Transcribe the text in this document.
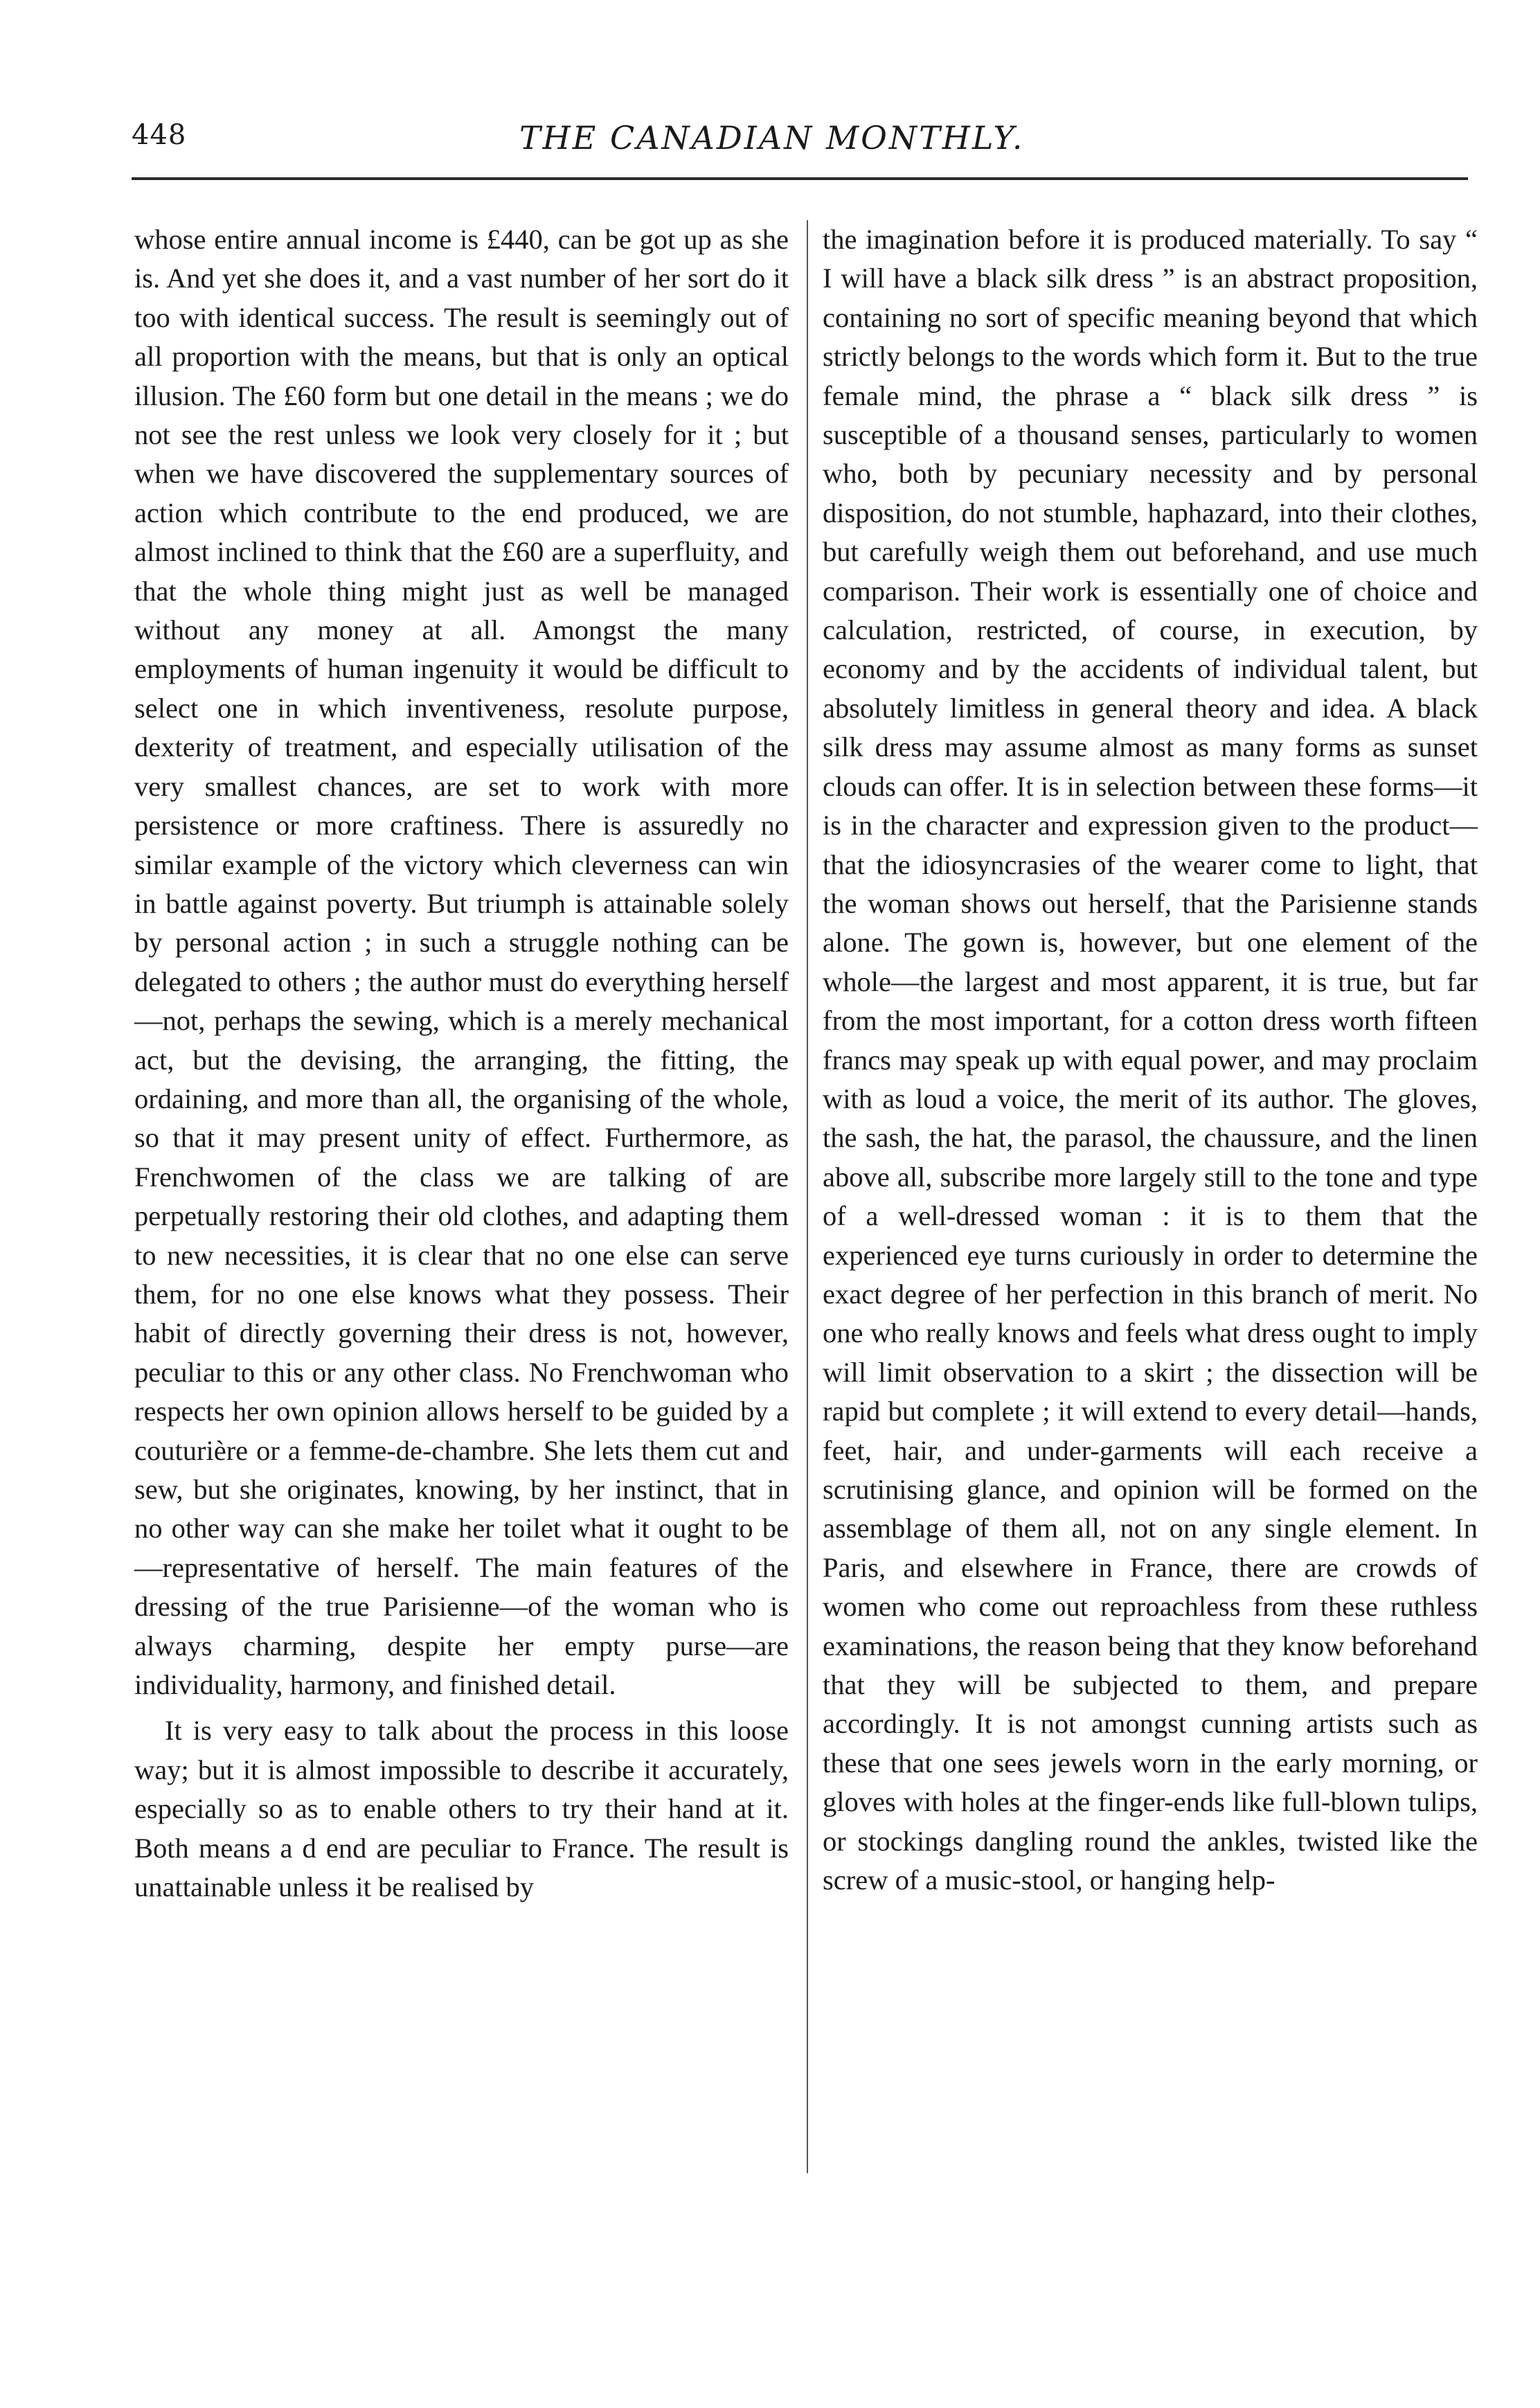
448	THE CANADIAN MONTHLY.

whose entire annual income is £440, can be got up as she is. And yet she does it, and a vast number of her sort do it too with identical success. The result is seemingly out of all proportion with the means, but that is only an optical illusion. The £60 form but one detail in the means ; we do not see the rest unless we look very closely for it ; but when we have discovered the supplementary sources of action which contribute to the end produced, we are almost inclined to think that the £60 are a superfluity, and that the whole thing might just as well be managed without any money at all. Amongst the many employments of human ingenuity it would be difficult to select one in which inventiveness, resolute purpose, dexterity of treatment, and especially utilisation of the very smallest chances, are set to work with more persistence or more craftiness. There is assuredly no similar example of the victory which cleverness can win in battle against poverty. But triumph is attainable solely by personal action ; in such a struggle nothing can be delegated to others ; the author must do everything herself—not, perhaps the sewing, which is a merely mechanical act, but the devising, the arranging, the fitting, the ordaining, and more than all, the organising of the whole, so that it may present unity of effect. Furthermore, as Frenchwomen of the class we are talking of are perpetually restoring their old clothes, and adapting them to new necessities, it is clear that no one else can serve them, for no one else knows what they possess. Their habit of directly governing their dress is not, however, peculiar to this or any other class. No Frenchwoman who respects her own opinion allows herself to be guided by a couturière or a femme-de-chambre. She lets them cut and sew, but she originates, knowing, by her instinct, that in no other way can she make her toilet what it ought to be—representative of herself. The main features of the dressing of the true Parisienne—of the woman who is always charming, despite her empty purse—are individuality, harmony, and finished detail.

It is very easy to talk about the process in this loose way; but it is almost impossible to describe it accurately, especially so as to enable others to try their hand at it. Both means a d end are peculiar to France. The result is unattainable unless it be realised by

the imagination before it is produced materially. To say “ I will have a black silk dress ” is an abstract proposition, containing no sort of specific meaning beyond that which strictly belongs to the words which form it. But to the true female mind, the phrase a “ black silk dress ” is susceptible of a thousand senses, particularly to women who, both by pecuniary necessity and by personal disposition, do not stumble, haphazard, into their clothes, but carefully weigh them out beforehand, and use much comparison. Their work is essentially one of choice and calculation, restricted, of course, in execution, by economy and by the accidents of individual talent, but absolutely limitless in general theory and idea. A black silk dress may assume almost as many forms as sunset clouds can offer. It is in selection between these forms—it is in the character and expression given to the product—that the idiosyncrasies of the wearer come to light, that the woman shows out herself, that the Parisienne stands alone. The gown is, however, but one element of the whole—the largest and most apparent, it is true, but far from the most important, for a cotton dress worth fifteen francs may speak up with equal power, and may proclaim with as loud a voice, the merit of its author. The gloves, the sash, the hat, the parasol, the chaussure, and the linen above all, subscribe more largely still to the tone and type of a well-dressed woman : it is to them that the experienced eye turns curiously in order to determine the exact degree of her perfection in this branch of merit. No one who really knows and feels what dress ought to imply will limit observation to a skirt ; the dissection will be rapid but complete ; it will extend to every detail—hands, feet, hair, and under-garments will each receive a scrutinising glance, and opinion will be formed on the assemblage of them all, not on any single element. In Paris, and elsewhere in France, there are crowds of women who come out reproachless from these ruthless examinations, the reason being that they know beforehand that they will be subjected to them, and prepare accordingly. It is not amongst cunning artists such as these that one sees jewels worn in the early morning, or gloves with holes at the finger-ends like full-blown tulips, or stockings dangling round the ankles, twisted like the screw of a music-stool, or hanging help-
